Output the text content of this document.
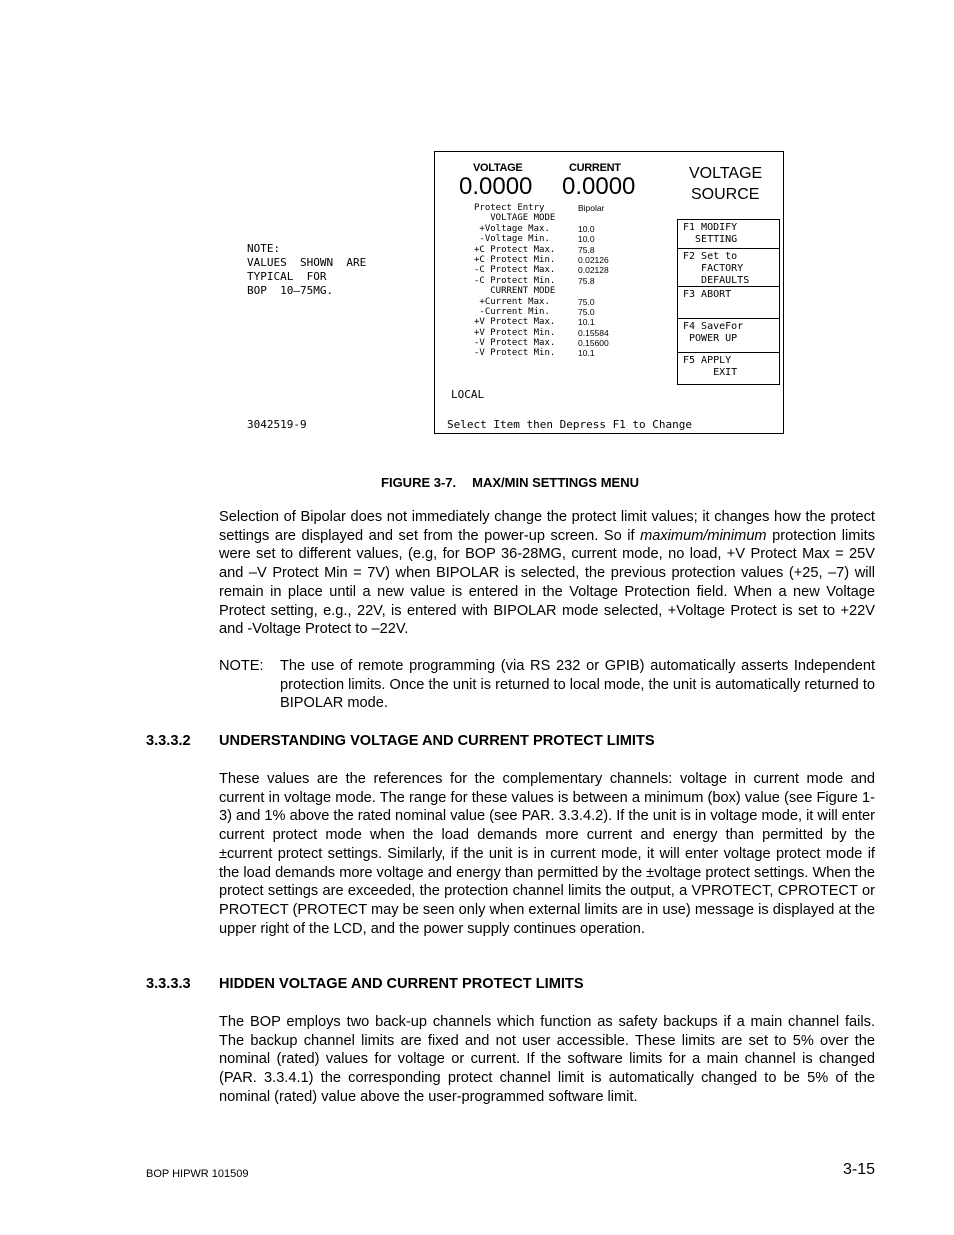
NOTE:
VALUES  SHOWN  ARE
TYPICAL  FOR
BOP  10–75MG.
3042519-9
VOLTAGE	CURRENT
0.0000 0.0000	VOLTAGE
SOURCE
Protect Entry	Bipolar
VOLTAGE MODE
+Voltage Max.	10.0
-Voltage Min.	10.0
+C Protect Max.	75.8
+C Protect Min.	0.02126
-C Protect Max.	0.02128
-C Protect Min.	75.8
CURRENT MODE
+Current Max.	75.0
-Current Min.	75.0
+V Protect Max.	10.1
+V Protect Min.	0.15584
-V Protect Max.	0.15600
-V Protect Min.	10.1
F1 MODIFY
SETTING
F2 Set to
FACTORY
DEFAULTS
F3 ABORT
F4 SaveFor
POWER UP
F5 APPLY
EXIT
LOCAL
Select Item then Depress F1 to Change
FIGURE 3-7. MAX/MIN SETTINGS MENU
Selection of Bipolar does not immediately change the protect limit values; it changes how the protect settings are displayed and set from the power-up screen. So if maximum/minimum protection limits were set to different values, (e.g, for BOP 36-28MG, current mode, no load, +V Protect Max = 25V and –V Protect Min = 7V) when BIPOLAR is selected, the previous protection values (+25, –7) will remain in place until a new value is entered in the Voltage Protection field. When a new Voltage Protect setting, e.g., 22V, is entered with BIPOLAR mode selected, +Voltage Protect is set to +22V and -Voltage Protect to –22V.
NOTE: The use of remote programming (via RS 232 or GPIB) automatically asserts Independent protection limits. Once the unit is returned to local mode, the unit is automatically returned to BIPOLAR mode.
3.3.3.2 UNDERSTANDING VOLTAGE AND CURRENT PROTECT LIMITS
These values are the references for the complementary channels: voltage in current mode and current in voltage mode. The range for these values is between a minimum (box) value (see Figure 1-3) and 1% above the rated nominal value (see PAR. 3.3.4.2). If the unit is in voltage mode, it will enter current protect mode when the load demands more current and energy than permitted by the ±current protect settings. Similarly, if the unit is in current mode, it will enter voltage protect mode if the load demands more voltage and energy than permitted by the ±voltage protect settings. When the protect settings are exceeded, the protection channel limits the output, a VPROTECT, CPROTECT or PROTECT (PROTECT may be seen only when external limits are in use) message is displayed at the upper right of the LCD, and the power supply continues operation.
3.3.3.3 HIDDEN VOLTAGE AND CURRENT PROTECT LIMITS
The BOP employs two back-up channels which function as safety backups if a main channel fails. The backup channel limits are fixed and not user accessible. These limits are set to 5% over the nominal (rated) values for voltage or current. If the software limits for a main channel is changed (PAR. 3.3.4.1) the corresponding protect channel limit is automatically changed to be 5% of the nominal (rated) value above the user-programmed software limit.
BOP HIPWR 101509	3-15
